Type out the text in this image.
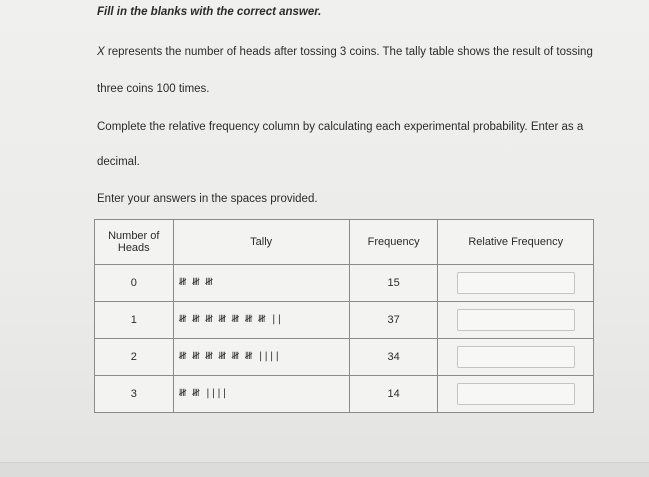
Fill in the blanks with the correct answer.
X represents the number of heads after tossing 3 coins. The tally table shows the result of tossing
three coins 100 times.
Complete the relative frequency column by calculating each experimental probability. Enter as a
decimal.
Enter your answers in the spaces provided.
Number of
Heads	Tally	Frequency	Relative Frequency
0	𝍸 𝍸 𝍸	15	

1	𝍸 𝍸 𝍸 𝍸 𝍸 𝍸 𝍸 ||	37	

2	𝍸 𝍸 𝍸 𝍸 𝍸 𝍸 ||||	34	

3	𝍸 𝍸 ||||	14	
